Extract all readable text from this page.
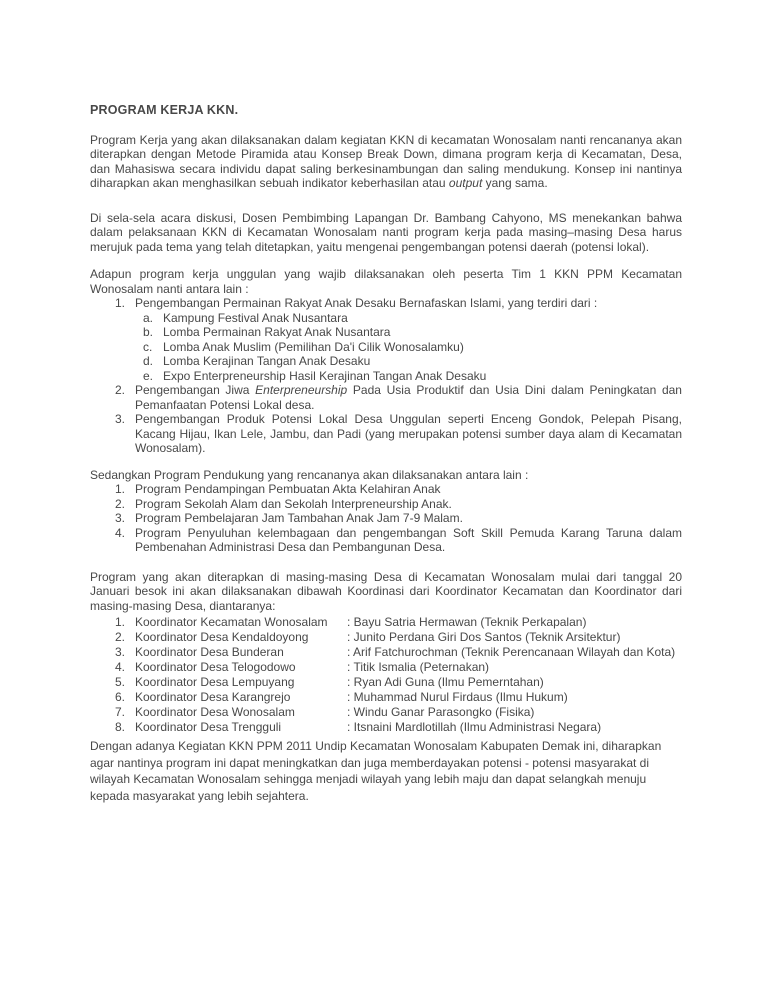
PROGRAM KERJA KKN.

Program Kerja yang akan dilaksanakan dalam kegiatan KKN di kecamatan Wonosalam nanti rencananya akan diterapkan dengan Metode Piramida atau Konsep Break Down, dimana program kerja di Kecamatan, Desa, dan Mahasiswa secara individu dapat saling berkesinambungan dan saling mendukung. Konsep ini nantinya diharapkan akan menghasilkan sebuah indikator keberhasilan atau output yang sama.

Di sela-sela acara diskusi, Dosen Pembimbing Lapangan Dr. Bambang Cahyono, MS menekankan bahwa dalam pelaksanaan KKN di Kecamatan Wonosalam nanti program kerja pada masing–masing Desa harus merujuk pada tema yang telah ditetapkan, yaitu mengenai pengembangan potensi daerah (potensi lokal).

Adapun program kerja unggulan yang wajib dilaksanakan oleh peserta Tim 1 KKN PPM Kecamatan Wonosalam nanti antara lain :

1. Pengembangan Permainan Rakyat Anak Desaku Bernafaskan Islami, yang terdiri dari :
a. Kampung Festival Anak Nusantara
b. Lomba Permainan Rakyat Anak Nusantara
c. Lomba Anak Muslim (Pemilihan Da'i Cilik Wonosalamku)
d. Lomba Kerajinan Tangan Anak Desaku
e. Expo Enterpreneurship Hasil Kerajinan Tangan Anak Desaku
2. Pengembangan Jiwa Enterpreneurship Pada Usia Produktif dan Usia Dini dalam Peningkatan dan Pemanfaatan Potensi Lokal desa.
3. Pengembangan Produk Potensi Lokal Desa Unggulan seperti Enceng Gondok, Pelepah Pisang, Kacang Hijau, Ikan Lele, Jambu, dan Padi (yang merupakan potensi sumber daya alam di Kecamatan Wonosalam).

Sedangkan Program Pendukung yang rencananya akan dilaksanakan antara lain :

1. Program Pendampingan Pembuatan Akta Kelahiran Anak
2. Program Sekolah Alam dan Sekolah Interpreneurship Anak.
3. Program Pembelajaran Jam Tambahan Anak Jam 7-9 Malam.
4. Program Penyuluhan kelembagaan dan pengembangan Soft Skill Pemuda Karang Taruna dalam Pembenahan Administrasi Desa dan Pembangunan Desa.

Program yang akan diterapkan di masing-masing Desa di Kecamatan Wonosalam mulai dari tanggal 20 Januari besok ini akan dilaksanakan dibawah Koordinasi dari Koordinator Kecamatan dan Koordinator dari masing-masing Desa, diantaranya:

1. Koordinator Kecamatan Wonosalam : Bayu Satria Hermawan (Teknik Perkapalan)
2. Koordinator Desa Kendaldoyong	: Junito Perdana Giri Dos Santos (Teknik Arsitektur)
3. Koordinator Desa Bunderan	: Arif Fatchurochman (Teknik Perencanaan Wilayah dan Kota)
4. Koordinator Desa Telogodowo	: Titik Ismalia (Peternakan)
5. Koordinator Desa Lempuyang	: Ryan Adi Guna (Ilmu Pemerntahan)
6. Koordinator Desa Karangrejo	: Muhammad Nurul Firdaus (Ilmu Hukum)
7. Koordinator Desa Wonosalam	: Windu Ganar Parasongko (Fisika)
8. Koordinator Desa Trengguli	: Itsnaini Mardlotillah (Ilmu Administrasi Negara)

Dengan adanya Kegiatan KKN PPM 2011 Undip Kecamatan Wonosalam Kabupaten Demak ini, diharapkan agar nantinya program ini dapat meningkatkan dan juga memberdayakan potensi - potensi masyarakat di wilayah Kecamatan Wonosalam sehingga menjadi wilayah yang lebih maju dan dapat selangkah menuju kepada masyarakat yang lebih sejahtera.
